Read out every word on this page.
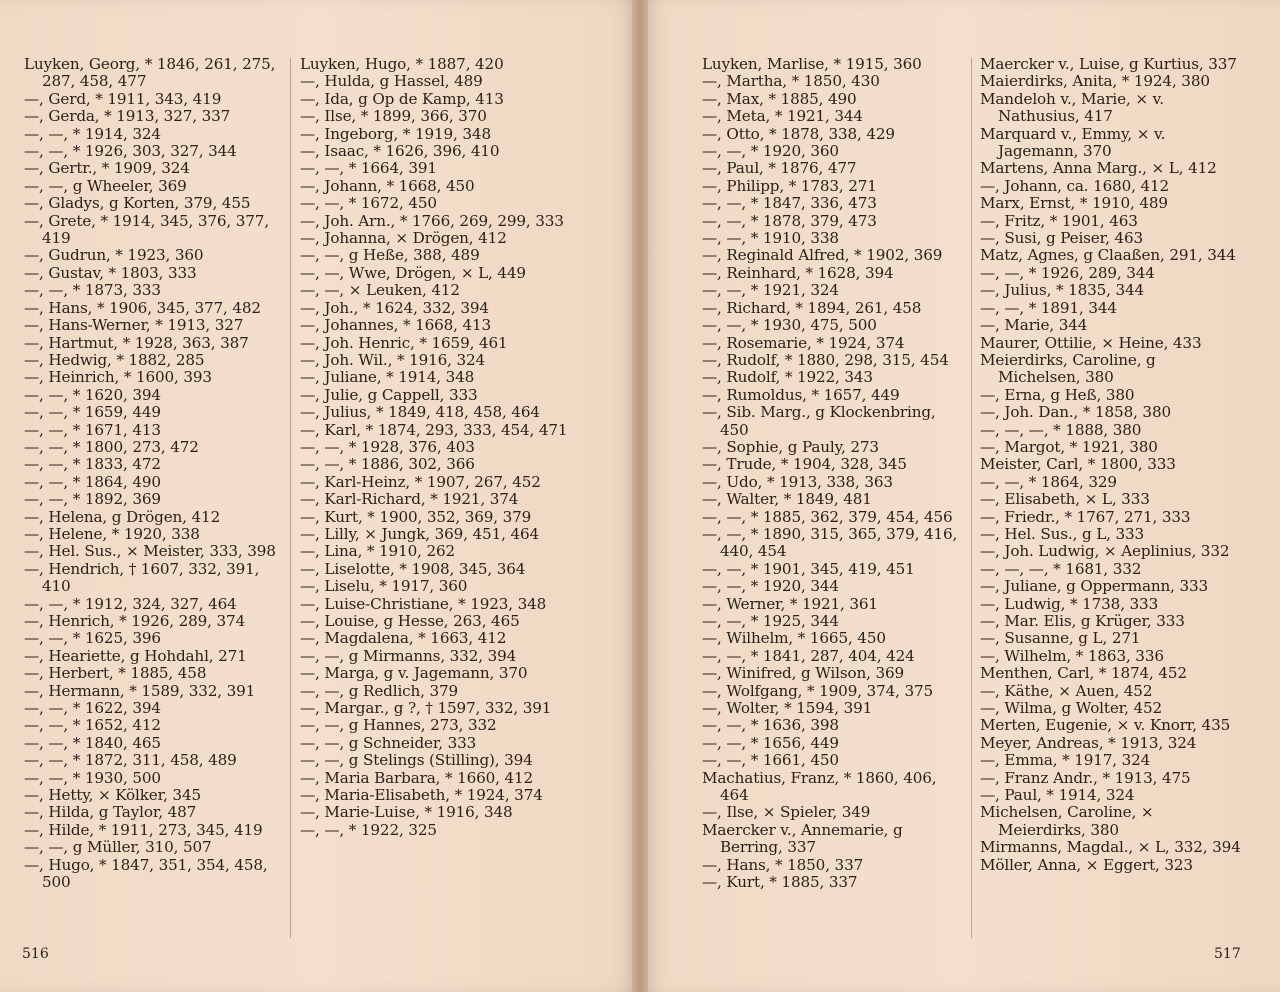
Luyken, Georg, * 1846, 261, 275, 287, 458, 477

—, Gerd, * 1911, 343, 419

—, Gerda, * 1913, 327, 337

—, —, * 1914, 324

—, —, * 1926, 303, 327, 344

—, Gertr., * 1909, 324

—, —, g Wheeler, 369

—, Gladys, g Korten, 379, 455

—, Grete, * 1914, 345, 376, 377, 419

—, Gudrun, * 1923, 360

—, Gustav, * 1803, 333

—, —, * 1873, 333

—, Hans, * 1906, 345, 377, 482

—, Hans-Werner, * 1913, 327

—, Hartmut, * 1928, 363, 387

—, Hedwig, * 1882, 285

—, Heinrich, * 1600, 393

—, —, * 1620, 394

—, —, * 1659, 449

—, —, * 1671, 413

—, —, * 1800, 273, 472

—, —, * 1833, 472

—, —, * 1864, 490

—, —, * 1892, 369

—, Helena, g Drögen, 412

—, Helene, * 1920, 338

—, Hel. Sus., × Meister, 333, 398

—, Hendrich, † 1607, 332, 391, 410

—, —, * 1912, 324, 327, 464

—, Henrich, * 1926, 289, 374

—, —, * 1625, 396

—, Heariette, g Hohdahl, 271

—, Herbert, * 1885, 458

—, Hermann, * 1589, 332, 391

—, —, * 1622, 394

—, —, * 1652, 412

—, —, * 1840, 465

—, —, * 1872, 311, 458, 489

—, —, * 1930, 500

—, Hetty, × Kölker, 345

—, Hilda, g Taylor, 487

—, Hilde, * 1911, 273, 345, 419

—, —, g Müller, 310, 507

—, Hugo, * 1847, 351, 354, 458, 500

Luyken, Hugo, * 1887, 420

—, Hulda, g Hassel, 489

—, Ida, g Op de Kamp, 413

—, Ilse, * 1899, 366, 370

—, Ingeborg, * 1919, 348

—, Isaac, * 1626, 396, 410

—, —, * 1664, 391

—, Johann, * 1668, 450

—, —, * 1672, 450

—, Joh. Arn., * 1766, 269, 299, 333

—, Johanna, × Drögen, 412

—, —, g Heße, 388, 489

—, —, Wwe, Drögen, × L, 449

—, —, × Leuken, 412

—, Joh., * 1624, 332, 394

—, Johannes, * 1668, 413

—, Joh. Henric, * 1659, 461

—, Joh. Wil., * 1916, 324

—, Juliane, * 1914, 348

—, Julie, g Cappell, 333

—, Julius, * 1849, 418, 458, 464

—, Karl, * 1874, 293, 333, 454, 471

—, —, * 1928, 376, 403

—, —, * 1886, 302, 366

—, Karl-Heinz, * 1907, 267, 452

—, Karl-Richard, * 1921, 374

—, Kurt, * 1900, 352, 369, 379

—, Lilly, × Jungk, 369, 451, 464

—, Lina, * 1910, 262

—, Liselotte, * 1908, 345, 364

—, Liselu, * 1917, 360

—, Luise-Christiane, * 1923, 348

—, Louise, g Hesse, 263, 465

—, Magdalena, * 1663, 412

—, —, g Mirmanns, 332, 394

—, Marga, g v. Jagemann, 370

—, —, g Redlich, 379

—, Margar., g ?, † 1597, 332, 391

—, —, g Hannes, 273, 332

—, —, g Schneider, 333

—, —, g Stelings (Stilling), 394

—, Maria Barbara, * 1660, 412

—, Maria-Elisabeth, * 1924, 374

—, Marie-Luise, * 1916, 348

—, —, * 1922, 325

Luyken, Marlise, * 1915, 360

—, Martha, * 1850, 430

—, Max, * 1885, 490

—, Meta, * 1921, 344

—, Otto, * 1878, 338, 429

—, —, * 1920, 360

—, Paul, * 1876, 477

—, Philipp, * 1783, 271

—, —, * 1847, 336, 473

—, —, * 1878, 379, 473

—, —, * 1910, 338

—, Reginald Alfred, * 1902, 369

—, Reinhard, * 1628, 394

—, —, * 1921, 324

—, Richard, * 1894, 261, 458

—, —, * 1930, 475, 500

—, Rosemarie, * 1924, 374

—, Rudolf, * 1880, 298, 315, 454

—, Rudolf, * 1922, 343

—, Rumoldus, * 1657, 449

—, Sib. Marg., g Klockenbring, 450

—, Sophie, g Pauly, 273

—, Trude, * 1904, 328, 345

—, Udo, * 1913, 338, 363

—, Walter, * 1849, 481

—, —, * 1885, 362, 379, 454, 456

—, —, * 1890, 315, 365, 379, 416, 440, 454

—, —, * 1901, 345, 419, 451

—, —, * 1920, 344

—, Werner, * 1921, 361

—, —, * 1925, 344

—, Wilhelm, * 1665, 450

—, —, * 1841, 287, 404, 424

—, Winifred, g Wilson, 369

—, Wolfgang, * 1909, 374, 375

—, Wolter, * 1594, 391

—, —, * 1636, 398

—, —, * 1656, 449

—, —, * 1661, 450

Machatius, Franz, * 1860, 406, 464

—, Ilse, × Spieler, 349

Maercker v., Annemarie, g Berring, 337

—, Hans, * 1850, 337

—, Kurt, * 1885, 337

Maercker v., Luise, g Kurtius, 337

Maierdirks, Anita, * 1924, 380

Mandeloh v., Marie, × v. Nathusius, 417

Marquard v., Emmy, × v. Jagemann, 370

Martens, Anna Marg., × L, 412

—, Johann, ca. 1680, 412

Marx, Ernst, * 1910, 489

—, Fritz, * 1901, 463

—, Susi, g Peiser, 463

Matz, Agnes, g Claaßen, 291, 344

—, —, * 1926, 289, 344

—, Julius, * 1835, 344

—, —, * 1891, 344

—, Marie, 344

Maurer, Ottilie, × Heine, 433

Meierdirks, Caroline, g Michelsen, 380

—, Erna, g Heß, 380

—, Joh. Dan., * 1858, 380

—, —, —, * 1888, 380

—, Margot, * 1921, 380

Meister, Carl, * 1800, 333

—, —, * 1864, 329

—, Elisabeth, × L, 333

—, Friedr., * 1767, 271, 333

—, Hel. Sus., g L, 333

—, Joh. Ludwig, × Aeplinius, 332

—, —, —, * 1681, 332

—, Juliane, g Oppermann, 333

—, Ludwig, * 1738, 333

—, Mar. Elis, g Krüger, 333

—, Susanne, g L, 271

—, Wilhelm, * 1863, 336

Menthen, Carl, * 1874, 452

—, Käthe, × Auen, 452

—, Wilma, g Wolter, 452

Merten, Eugenie, × v. Knorr, 435

Meyer, Andreas, * 1913, 324

—, Emma, * 1917, 324

—, Franz Andr., * 1913, 475

—, Paul, * 1914, 324

Michelsen, Caroline, × Meierdirks, 380

Mirmanns, Magdal., × L, 332, 394

Möller, Anna, × Eggert, 323

516	517
